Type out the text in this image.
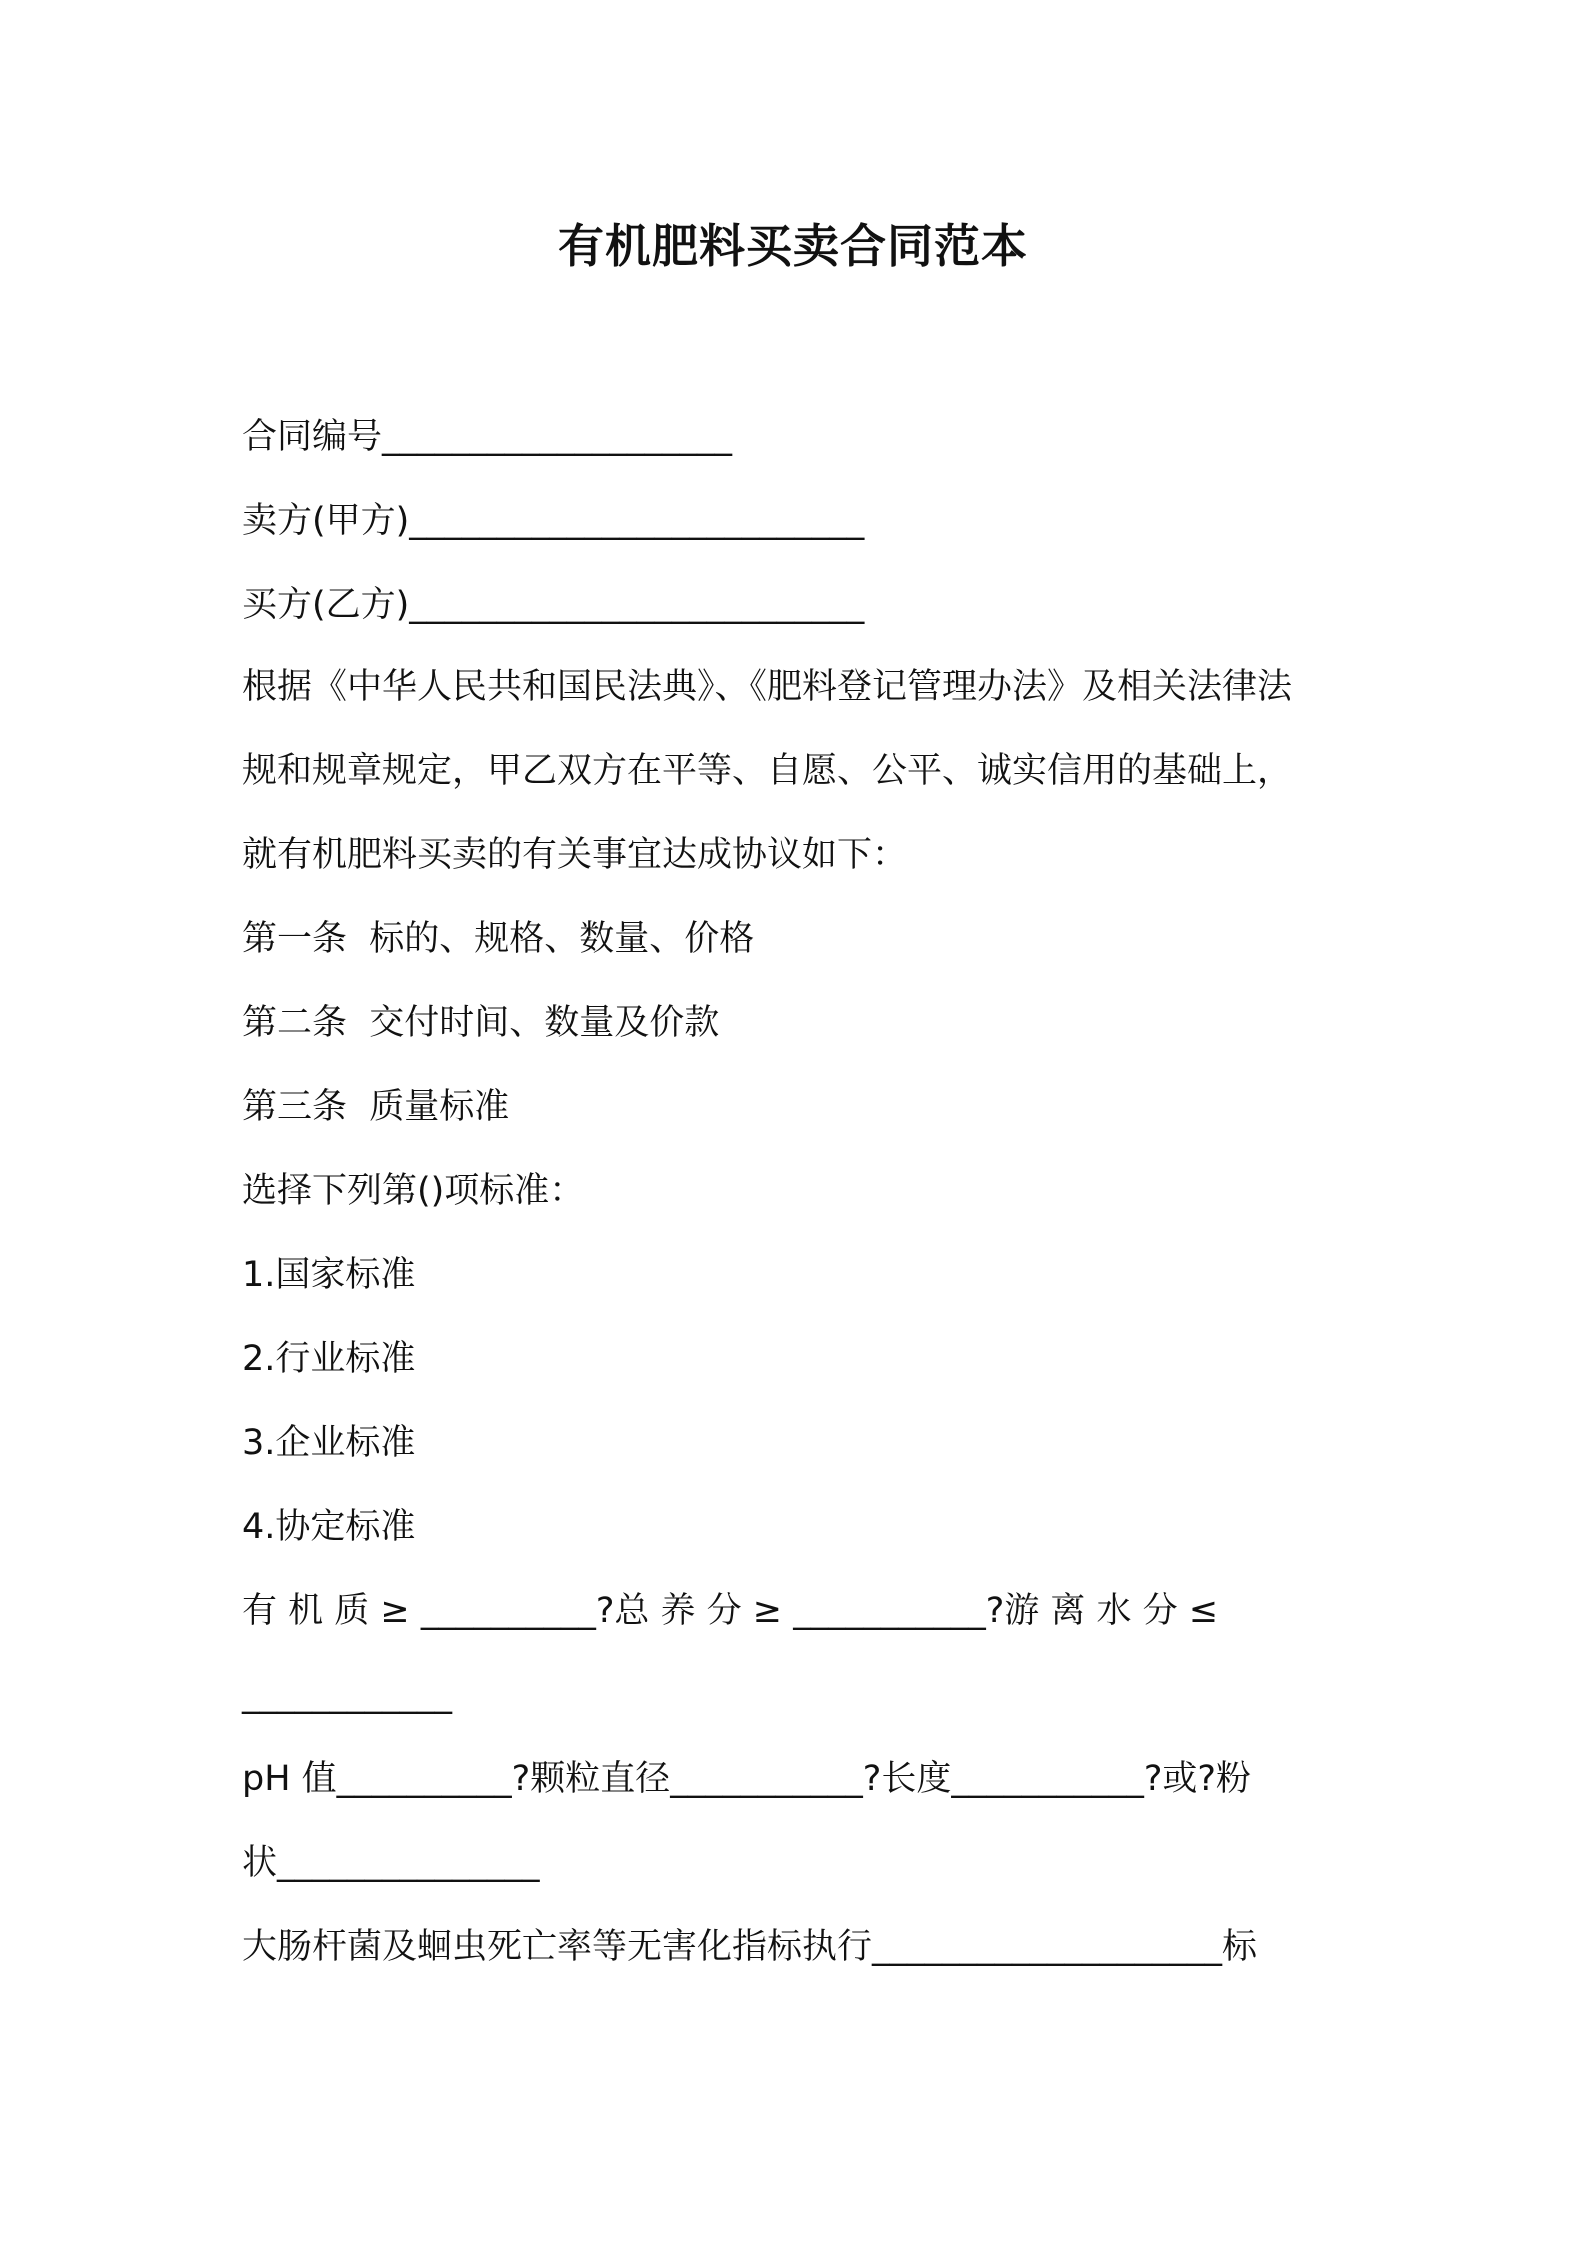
有机肥料买卖合同范本
合同编号____________________
卖方(甲方)__________________________
买方(乙方)__________________________
根据《中华人民共和国民法典》、《肥料登记管理办法》及相关法律法
规和规章规定，甲乙双方在平等、自愿、公平、诚实信用的基础上，
就有机肥料买卖的有关事宜达成协议如下：
第一条  标的、规格、数量、价格
第二条  交付时间、数量及价款
第三条  质量标准
选择下列第()项标准：
1.国家标准
2.行业标准
3.企业标准
4.协定标准
有 机 质 ≥ __________?总 养 分 ≥ ___________?游 离 水 分 ≤
____________
pH 值__________?颗粒直径___________?长度___________?或?粉
状_______________
大肠杆菌及蛔虫死亡率等无害化指标执行____________________标
